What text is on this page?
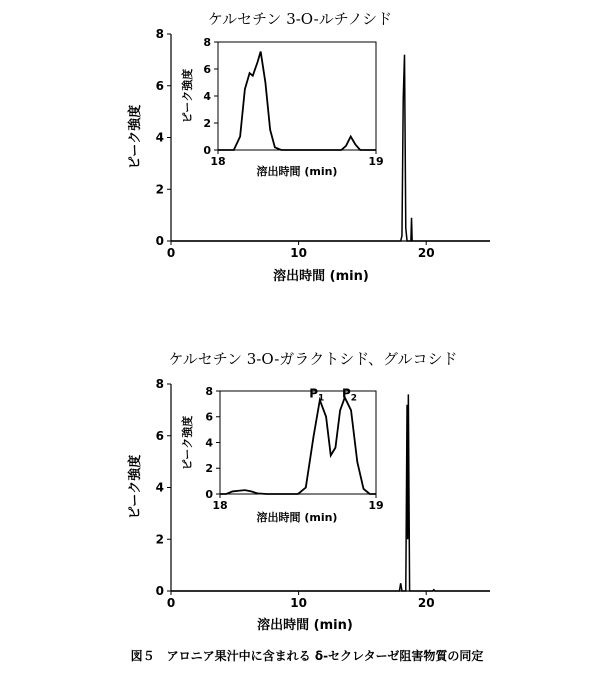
ケルセチン 3-O-ルチノシド
0
2
4
6
8
0	10	20
ピーク強度
溶出時間 (min)
0
2
4
6
8
18	19
ピーク強度
溶出時間 (min)
ケルセチン 3-O-ガラクトシド、グルコシド
0
2
4
6
8
0	10	20
ピーク強度
溶出時間 (min)
0
2
4
6
8
18	19
ピーク強度
溶出時間 (min)
$P_1$ $P_2$
図５　アロニア果汁中に含まれる δ-セクレターゼ阻害物質の同定
